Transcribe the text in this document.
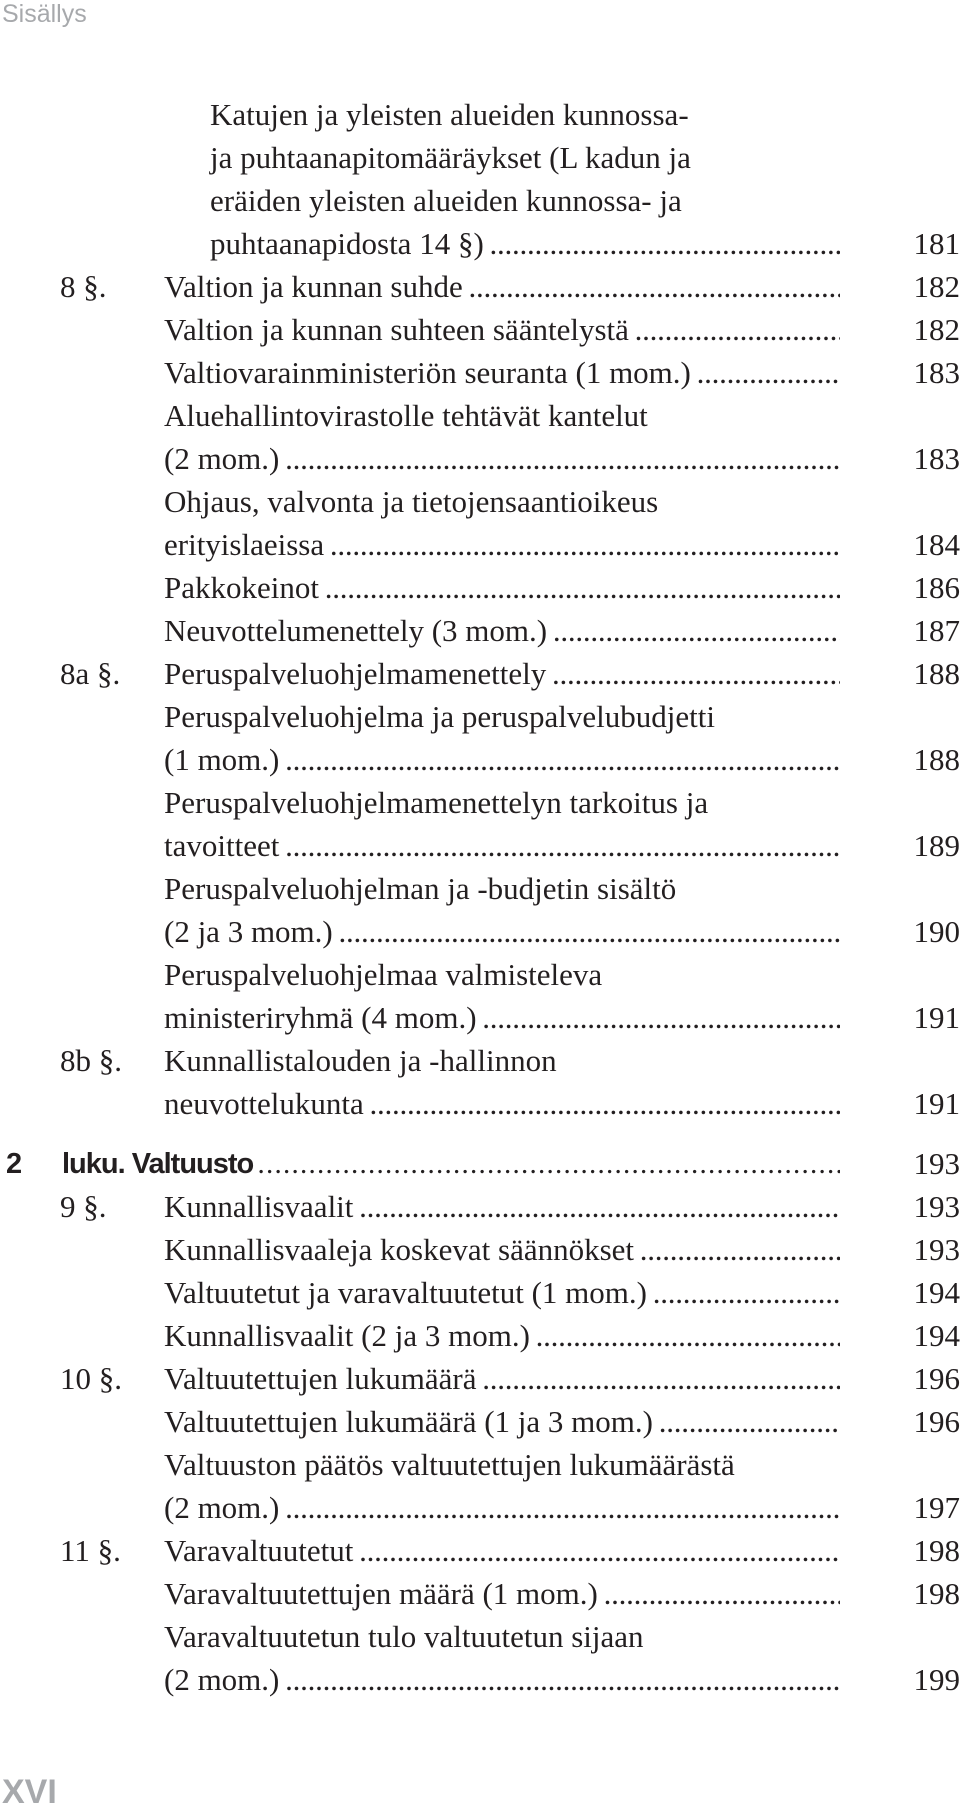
Sisällys
Katujen ja yleisten alueiden kunnossa-
ja puhtaanapitomääräykset (L kadun ja
eräiden yleisten alueiden kunnossa- ja
puhtaanapidosta 14 §) . . .	181
8 §. Valtion ja kunnan suhde . . .	182
Valtion ja kunnan suhteen sääntelystä . . .	182
Valtiovarainministeriön seuranta (1 mom.) . . .	183
Aluehallintovirastolle tehtävät kantelut
(2 mom.) . . .	183
Ohjaus, valvonta ja tietojensaantioikeus
erityislaeissa . . .	184
Pakkokeinot . . .	186
Neuvottelumenettely (3 mom.) . . .	187
8a §. Peruspalveluohjelmamenettely . . .	188
Peruspalveluohjelma ja peruspalvelubudjetti
(1 mom.) . . .	188
Peruspalveluohjelmamenettelyn tarkoitus ja
tavoitteet . . .	189
Peruspalveluohjelman ja -budjetin sisältö
(2 ja 3 mom.) . . .	190
Peruspalveluohjelmaa valmisteleva
ministeriryhmä (4 mom.) . . .	191
8b §. Kunnallistalouden ja -hallinnon
neuvottelukunta . . .	191
2 luku. Valtuusto . . .	193
9 §. Kunnallisvaalit . . .	193
Kunnallisvaaleja koskevat säännökset . . .	193
Valtuutetut ja varavaltuutetut (1 mom.) . . .	194
Kunnallisvaalit (2 ja 3 mom.) . . .	194
10 §. Valtuutettujen lukumäärä . . .	196
Valtuutettujen lukumäärä (1 ja 3 mom.) . . .	196
Valtuuston päätös valtuutettujen lukumäärästä
(2 mom.) . . .	197
11 §. Varavaltuutetut . . .	198
Varavaltuutettujen määrä (1 mom.) . . .	198
Varavaltuutetun tulo valtuutetun sijaan
(2 mom.) . . .	199
XVI
